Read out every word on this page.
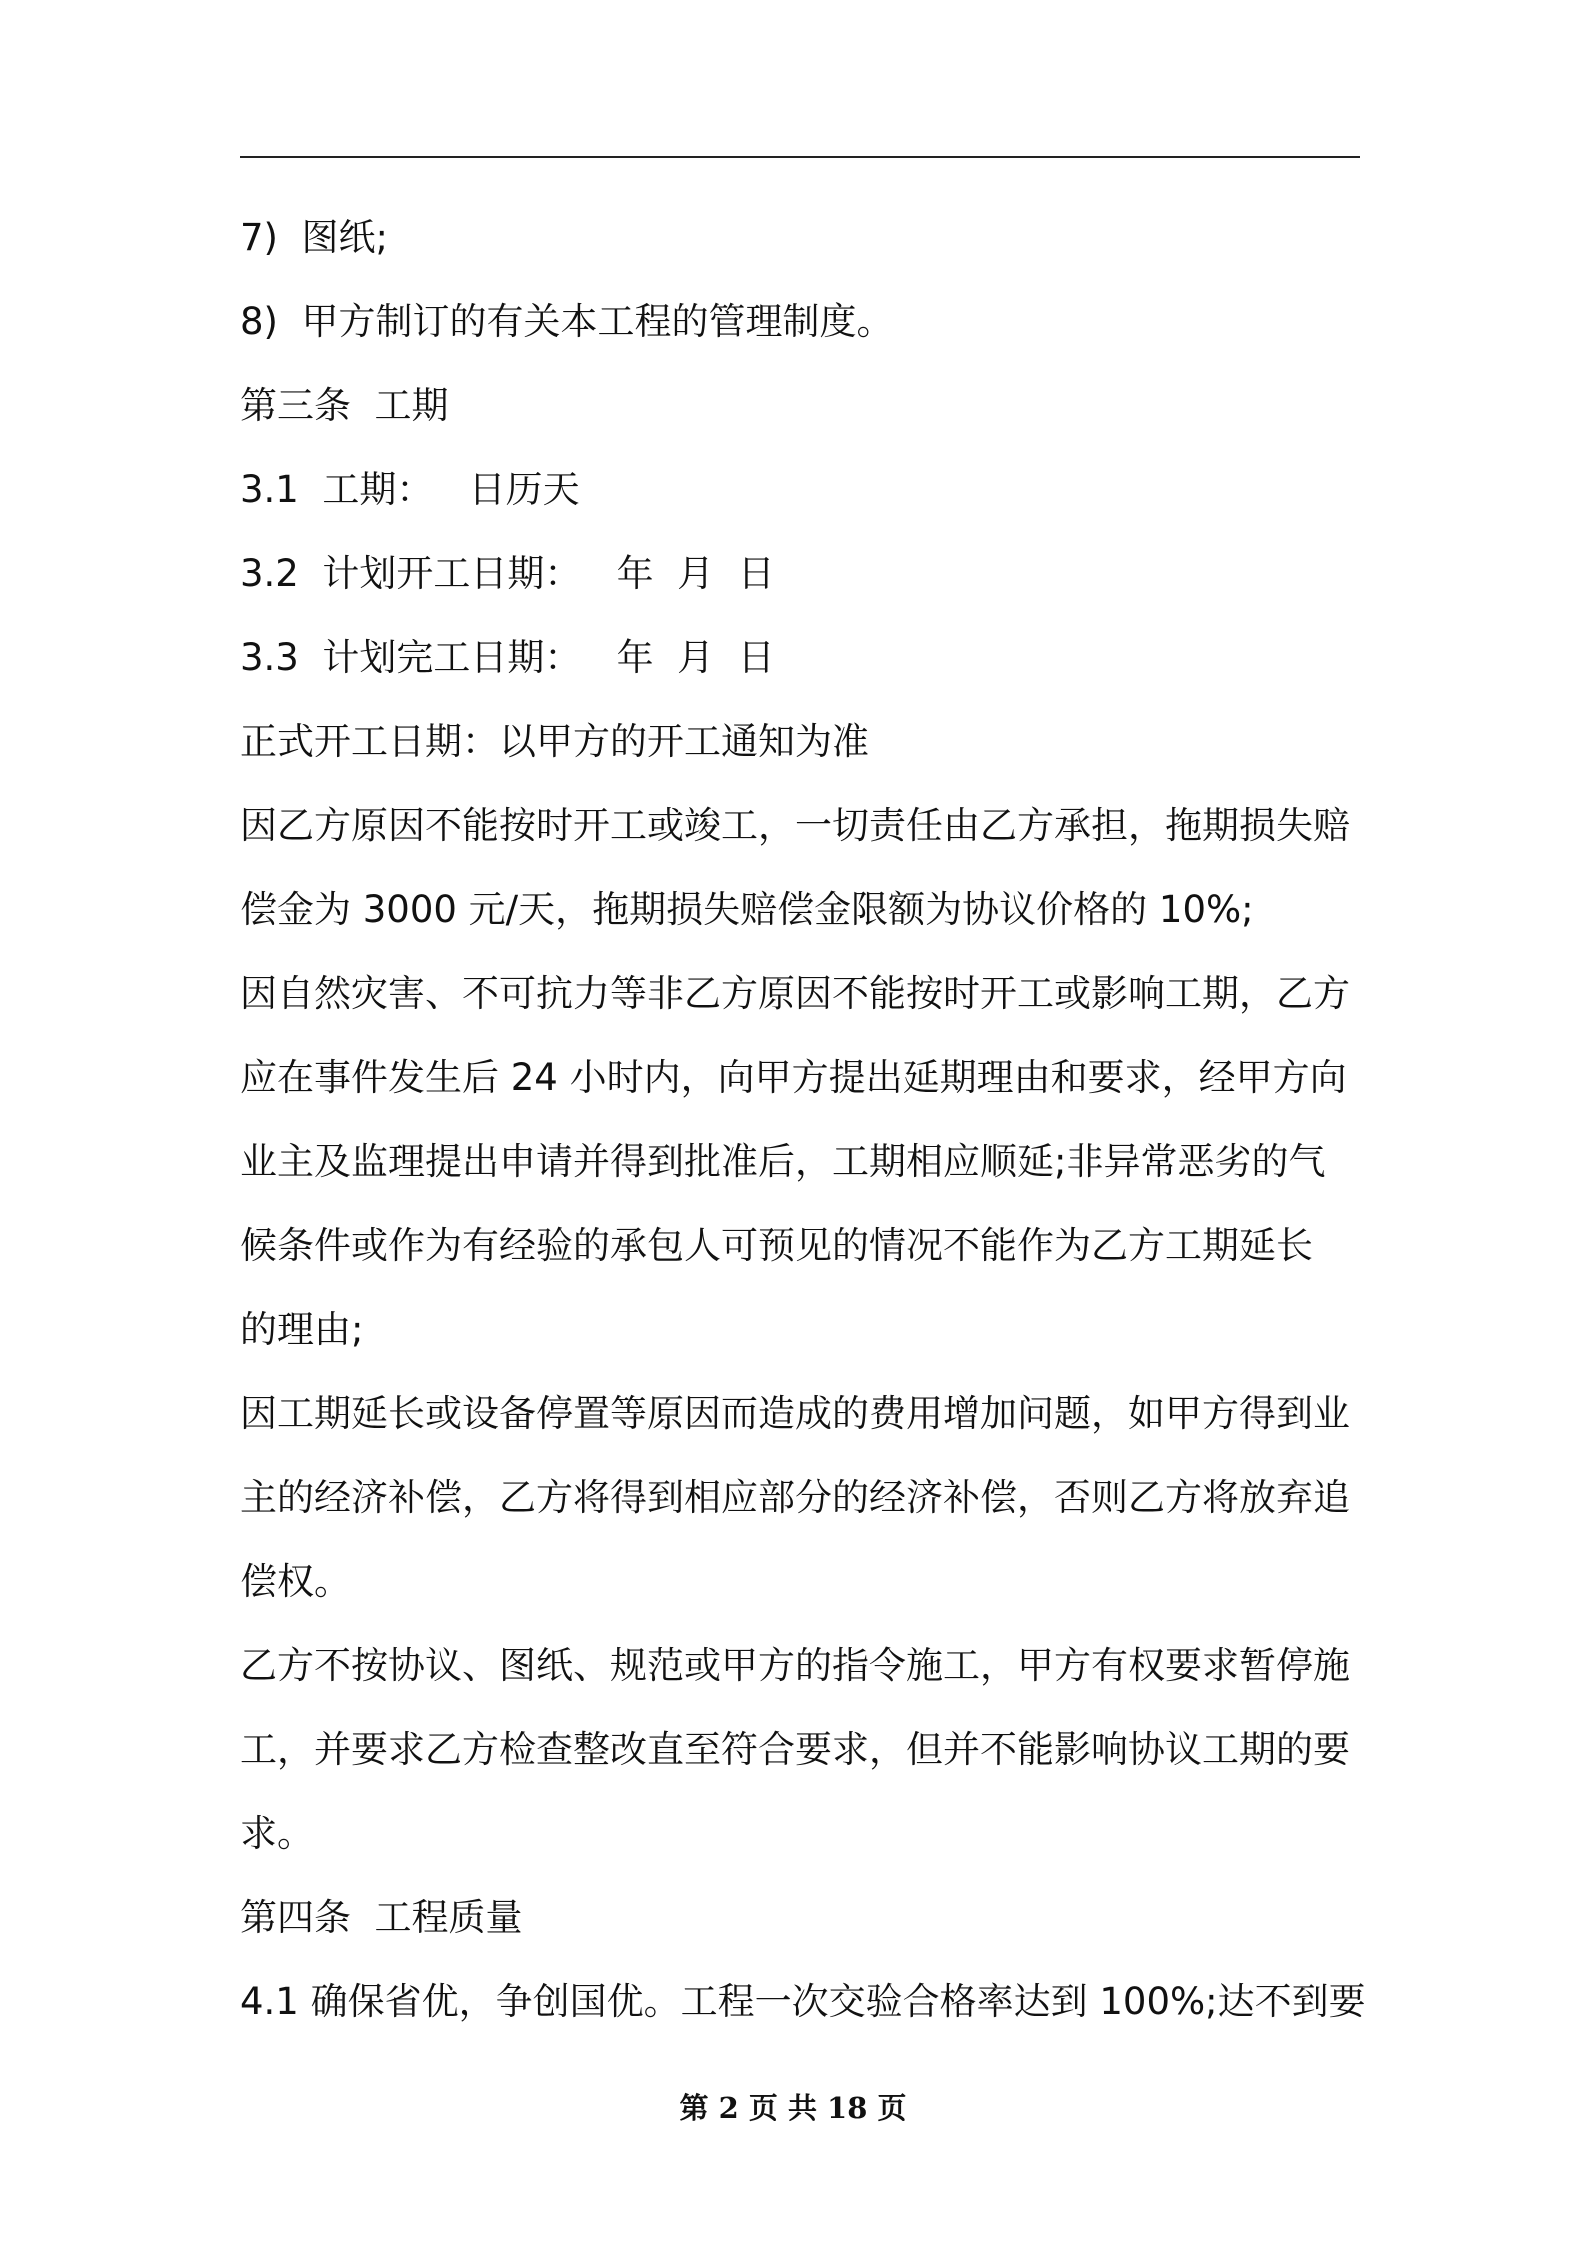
7)  图纸;
8)  甲方制订的有关本工程的管理制度。
第三条  工期
3.1  工期：   日历天
3.2  计划开工日期：   年  月  日
3.3  计划完工日期：   年  月  日
正式开工日期：以甲方的开工通知为准
因乙方原因不能按时开工或竣工，一切责任由乙方承担，拖期损失赔
偿金为 3000 元/天，拖期损失赔偿金限额为协议价格的 10%;
因自然灾害、不可抗力等非乙方原因不能按时开工或影响工期，乙方
应在事件发生后 24 小时内，向甲方提出延期理由和要求，经甲方向
业主及监理提出申请并得到批准后，工期相应顺延;非异常恶劣的气
候条件或作为有经验的承包人可预见的情况不能作为乙方工期延长
的理由;
因工期延长或设备停置等原因而造成的费用增加问题，如甲方得到业
主的经济补偿，乙方将得到相应部分的经济补偿，否则乙方将放弃追
偿权。
乙方不按协议、图纸、规范或甲方的指令施工，甲方有权要求暂停施
工，并要求乙方检查整改直至符合要求，但并不能影响协议工期的要
求。
第四条  工程质量
4.1 确保省优，争创国优。工程一次交验合格率达到 100%;达不到要
第 2 页 共 18 页
